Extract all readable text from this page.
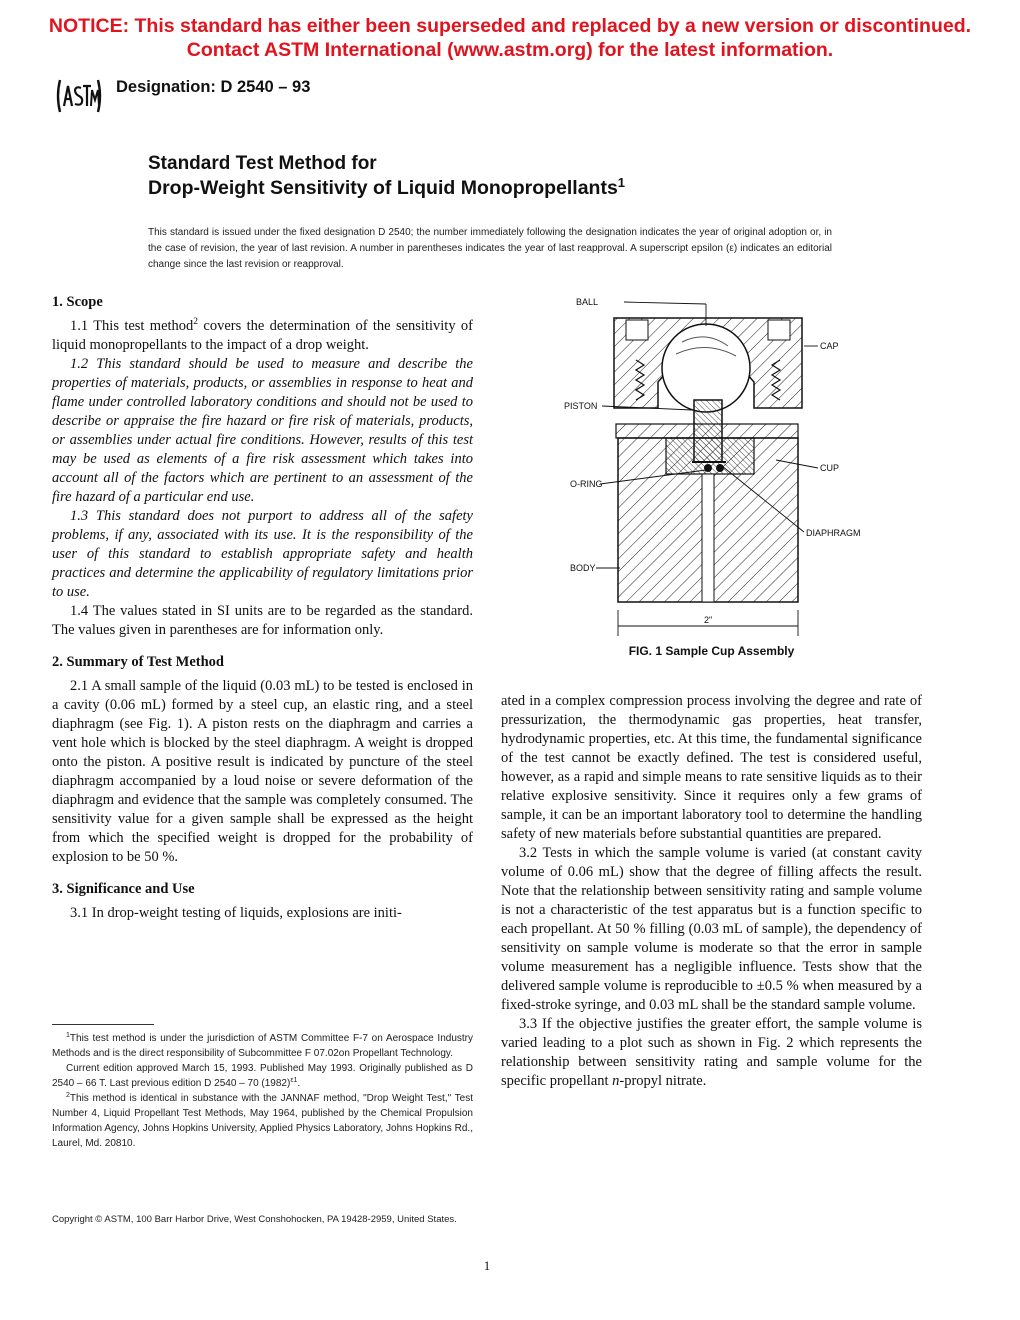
NOTICE: This standard has either been superseded and replaced by a new version or discontinued.
Contact ASTM International (www.astm.org) for the latest information.
Designation: D 2540 – 93
Standard Test Method for
Drop-Weight Sensitivity of Liquid Monopropellants$^1$
This standard is issued under the fixed designation D 2540; the number immediately following the designation indicates the year of original adoption or, in the case of revision, the year of last revision. A number in parentheses indicates the year of last reapproval. A superscript epsilon (ε) indicates an editorial change since the last revision or reapproval.
1. Scope

1.1 This test method$^2$ covers the determination of the sensitivity of liquid monopropellants to the impact of a drop weight.

1.2 This standard should be used to measure and describe the properties of materials, products, or assemblies in response to heat and flame under controlled laboratory conditions and should not be used to describe or appraise the fire hazard or fire risk of materials, products, or assemblies under actual fire conditions. However, results of this test may be used as elements of a fire risk assessment which takes into account all of the factors which are pertinent to an assessment of the fire hazard of a particular end use.

1.3 This standard does not purport to address all of the safety problems, if any, associated with its use. It is the responsibility of the user of this standard to establish appropriate safety and health practices and determine the applicability of regulatory limitations prior to use.

1.4 The values stated in SI units are to be regarded as the standard. The values given in parentheses are for information only.

2. Summary of Test Method

2.1 A small sample of the liquid (0.03 mL) to be tested is enclosed in a cavity (0.06 mL) formed by a steel cup, an elastic ring, and a steel diaphragm (see Fig. 1). A piston rests on the diaphragm and carries a vent hole which is blocked by the steel diaphragm. A weight is dropped onto the piston. A positive result is indicated by puncture of the steel diaphragm accompanied by a loud noise or severe deformation of the diaphragm and evidence that the sample was completely consumed. The sensitivity value for a given sample shall be expressed as the height from which the specified weight is dropped for the probability of explosion to be 50 %.

3. Significance and Use

3.1 In drop-weight testing of liquids, explosions are initi-

$^1$This test method is under the jurisdiction of ASTM Committee F-7 on Aerospace Industry Methods and is the direct responsibility of Subcommittee F 07.02on Propellant Technology.

Current edition approved March 15, 1993. Published May 1993. Originally published as D 2540 – 66 T. Last previous edition D 2540 – 70 $(1982)^{\varepsilon 1}$.

$^2$This method is identical in substance with the JANNAF method, "Drop Weight Test," Test Number 4, Liquid Propellant Test Methods, May 1964, published by the Chemical Propulsion Information Agency, Johns Hopkins University, Applied Physics Laboratory, Johns Hopkins Rd., Laurel, Md. 20810.

BALL
CAP
PISTON
CUP
O-RING
DIAPHRAGM
BODY
2"
FIG. 1 Sample Cup Assembly

ated in a complex compression process involving the degree and rate of pressurization, the thermodynamic gas properties, heat transfer, hydrodynamic properties, etc. At this time, the fundamental significance of the test cannot be exactly defined. The test is considered useful, however, as a rapid and simple means to rate sensitive liquids as to their relative explosive sensitivity. Since it requires only a few grams of sample, it can be an important laboratory tool to determine the handling safety of new materials before substantial quantities are prepared.

3.2 Tests in which the sample volume is varied (at constant cavity volume of 0.06 mL) show that the degree of filling affects the result. Note that the relationship between sensitivity rating and sample volume is not a characteristic of the test apparatus but is a function specific to each propellant. At 50 % filling (0.03 mL of sample), the dependency of sensitivity on sample volume is moderate so that the error in sample volume measurement has a negligible influence. Tests show that the delivered sample volume is reproducible to ±0.5 % when measured by a fixed-stroke syringe, and 0.03 mL shall be the standard sample volume.

3.3 If the objective justifies the greater effort, the sample volume is varied leading to a plot such as shown in Fig. 2 which represents the relationship between sensitivity rating and sample volume for the specific propellant n-propyl nitrate.

Copyright © ASTM, 100 Barr Harbor Drive, West Conshohocken, PA 19428-2959, United States.
1
